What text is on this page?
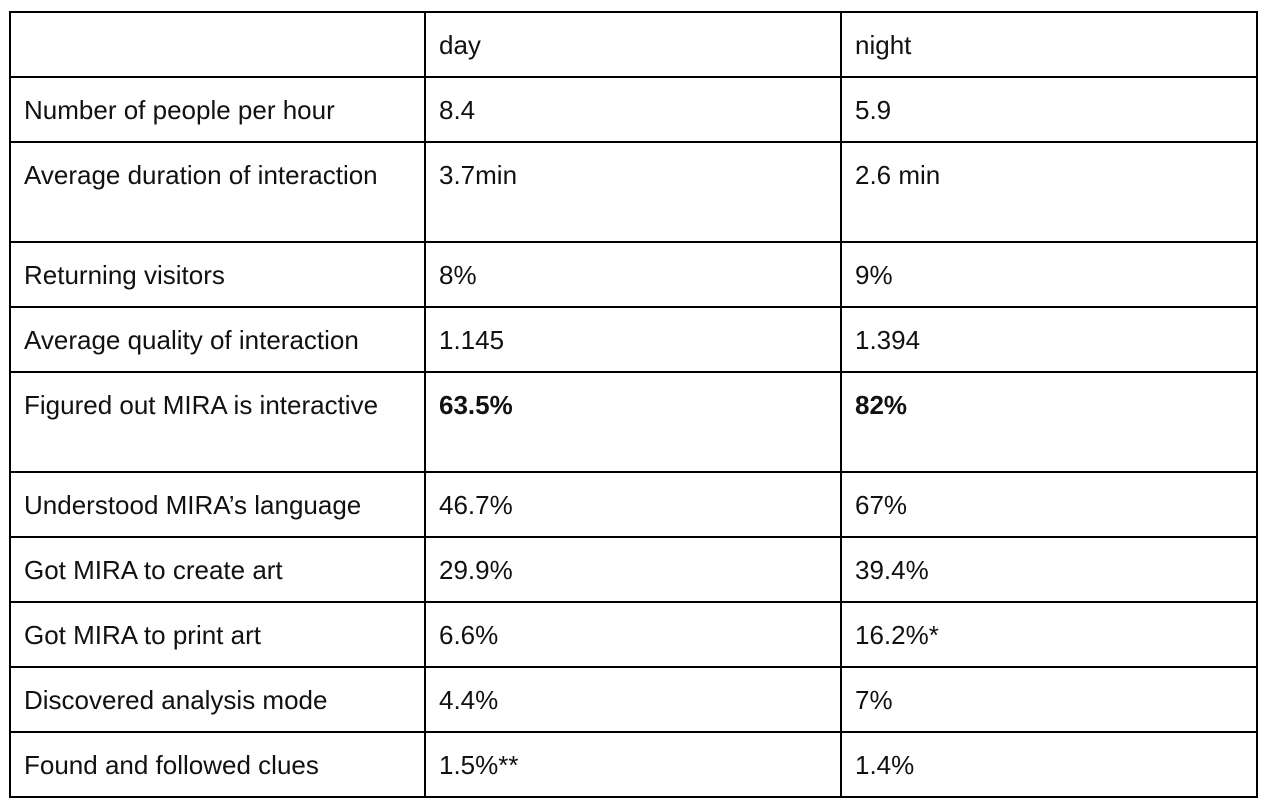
	day	night
Number of people per hour	8.4	5.9
Average duration of interaction	3.7min	2.6 min
Returning visitors	8%	9%
Average quality of interaction	1.145	1.394
Figured out MIRA is interactive	63.5%	82%
Understood MIRA’s language	46.7%	67%
Got MIRA to create art	29.9%	39.4%
Got MIRA to print art	6.6%	16.2%*
Discovered analysis mode	4.4%	7%
Found and followed clues	1.5%**	1.4%
